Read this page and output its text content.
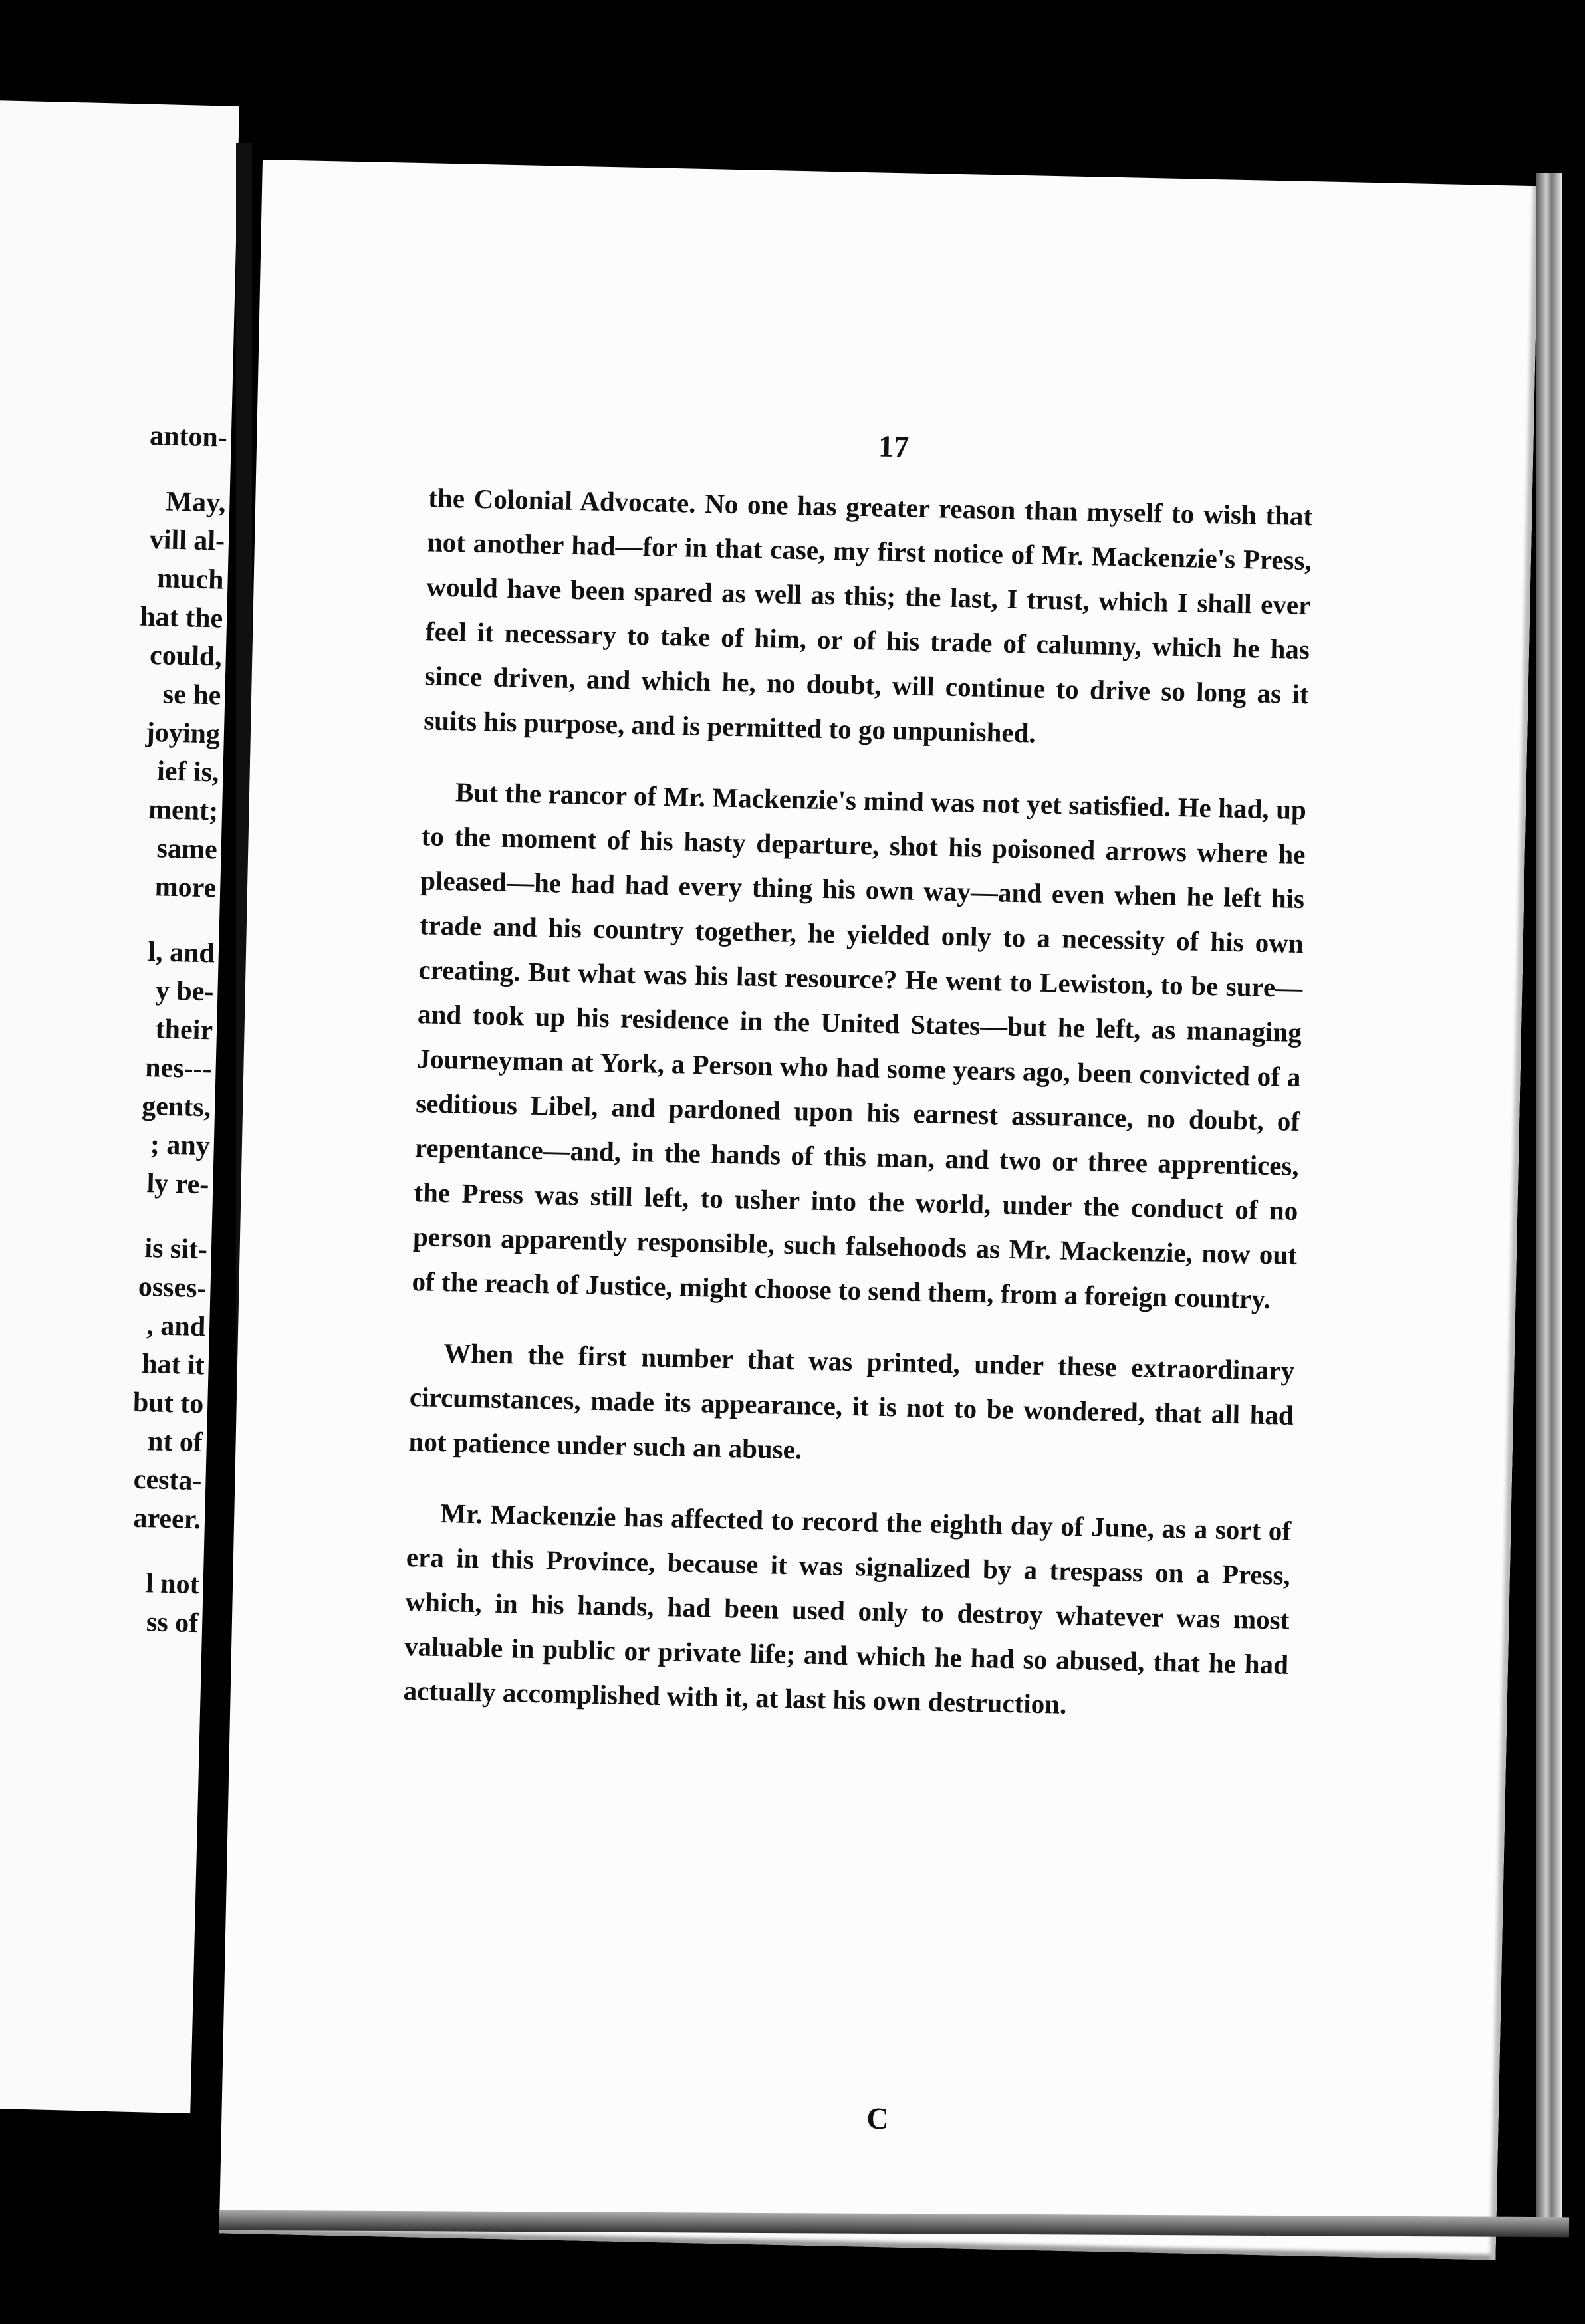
anton-
May,
vill al-
much
hat the
could,
se he
joying
ief is,
ment;
same
more
l, and
y be-
their
nes---
gents,
; any
ly re-
is sit-
osses-
, and
hat it
but to
nt of
cesta-
areer.
l not
ss of
17

the Colonial Advocate. No one has greater reason than myself to wish that not another had—for in that case, my first notice of Mr. Mackenzie's Press, would have been spared as well as this; the last, I trust, which I shall ever feel it necessary to take of him, or of his trade of calumny, which he has since driven, and which he, no doubt, will continue to drive so long as it suits his purpose, and is permitted to go unpunished.

But the rancor of Mr. Mackenzie's mind was not yet satisfied. He had, up to the moment of his hasty departure, shot his poisoned arrows where he pleased—he had had every thing his own way—and even when he left his trade and his country together, he yielded only to a necessity of his own creating. But what was his last resource? He went to Lewiston, to be sure—and took up his residence in the United States—but he left, as managing Journeyman at York, a Person who had some years ago, been convicted of a seditious Libel, and pardoned upon his earnest assurance, no doubt, of repentance—and, in the hands of this man, and two or three apprentices, the Press was still left, to usher into the world, under the conduct of no person apparently responsible, such falsehoods as Mr. Mackenzie, now out of the reach of Justice, might choose to send them, from a foreign country.

When the first number that was printed, under these extraordinary circumstances, made its appearance, it is not to be wondered, that all had not patience under such an abuse.

Mr. Mackenzie has affected to record the eighth day of June, as a sort of era in this Province, because it was signalized by a trespass on a Press, which, in his hands, had been used only to destroy whatever was most valuable in public or private life; and which he had so abused, that he had actually accomplished with it, at last his own destruction.

C
